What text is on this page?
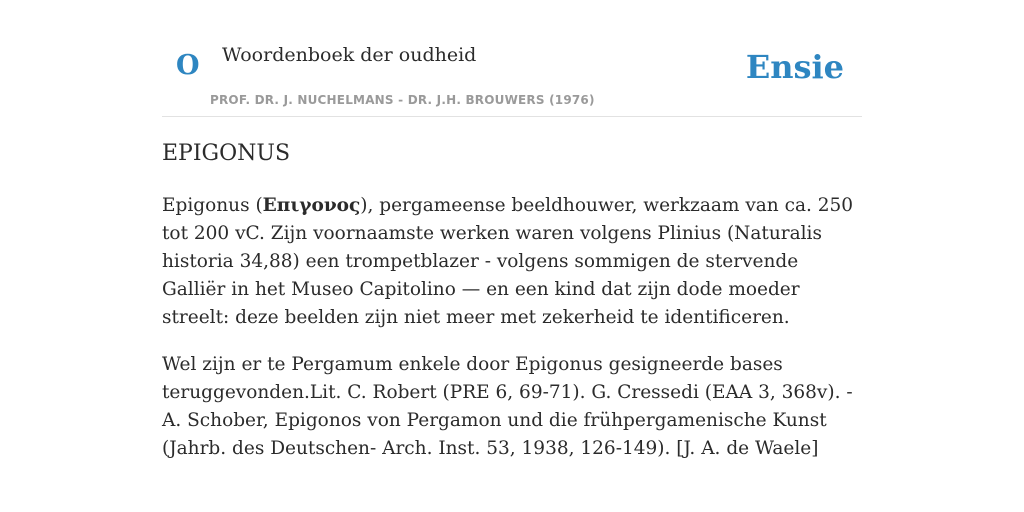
O Woordenboek der oudheid
PROF. DR. J. NUCHELMANS - DR. J.H. BROUWERS (1976)
Ensie
EPIGONUS

Epigonus (Επιγονος), pergameense beeldhouwer, werkzaam van ca. 250 tot 200 vC. Zijn voornaamste werken waren volgens Plinius (Naturalis historia 34,88) een trompetblazer - volgens sommigen de stervende Galliër in het Museo Capitolino — en een kind dat zijn dode moeder streelt: deze beelden zijn niet meer met zekerheid te identificeren.

Wel zijn er te Pergamum enkele door Epigonus gesigneerde bases teruggevonden.Lit. C. Robert (PRE 6, 69-71). G. Cressedi (EAA 3, 368v). - A. Schober, Epigonos von Pergamon und die frühpergamenische Kunst (Jahrb. des Deutschen- Arch. Inst. 53, 1938, 126-149). [J. A. de Waele]
